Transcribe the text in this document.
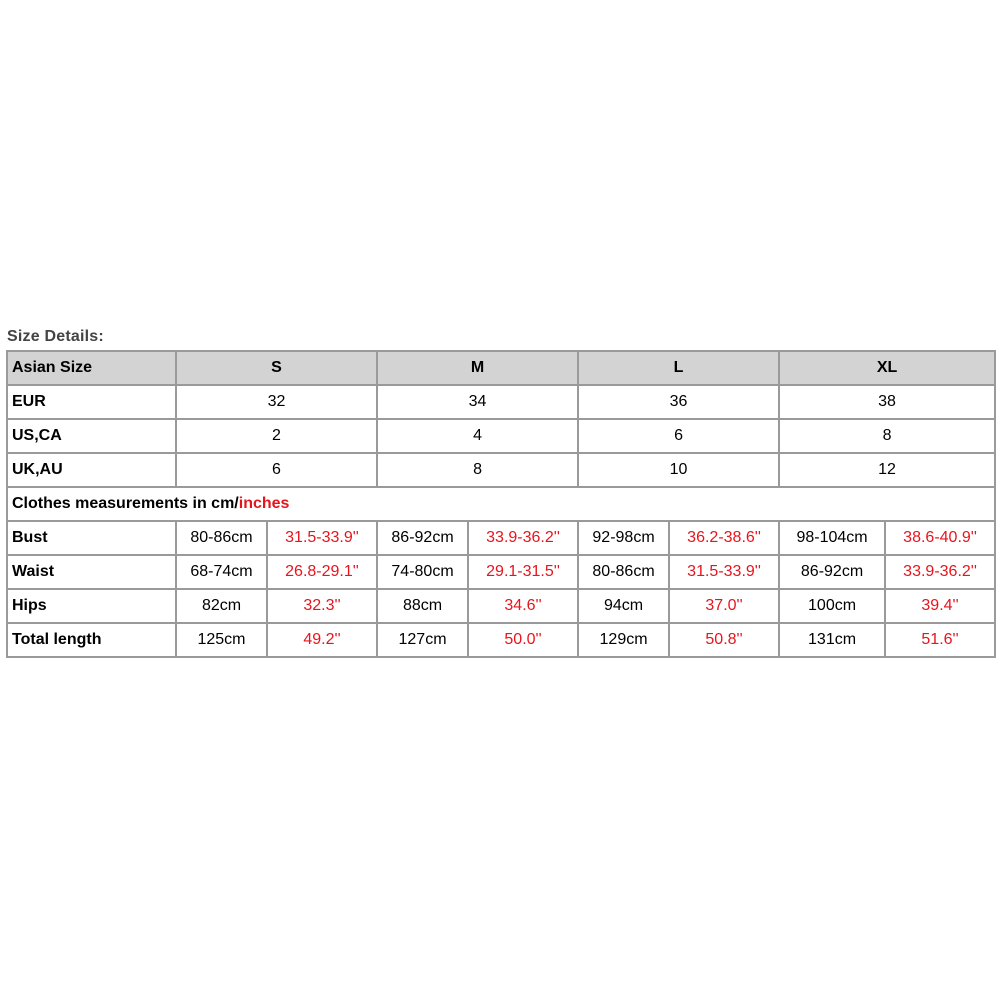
Size Details:
Asian Size	S		M		L		XL	
EUR	32		34		36		38	
US,CA	2		4		6		8	
UK,AU	6		8		10		12	
Clothes measurements in cm/inches								
Bust	80-86cm	31.5-33.9''	86-92cm	33.9-36.2''	92-98cm	36.2-38.6''	98-104cm	38.6-40.9''
Waist	68-74cm	26.8-29.1''	74-80cm	29.1-31.5''	80-86cm	31.5-33.9''	86-92cm	33.9-36.2''
Hips	82cm	32.3''	88cm	34.6''	94cm	37.0''	100cm	39.4''
Total length	125cm	49.2''	127cm	50.0''	129cm	50.8''	131cm	51.6''
